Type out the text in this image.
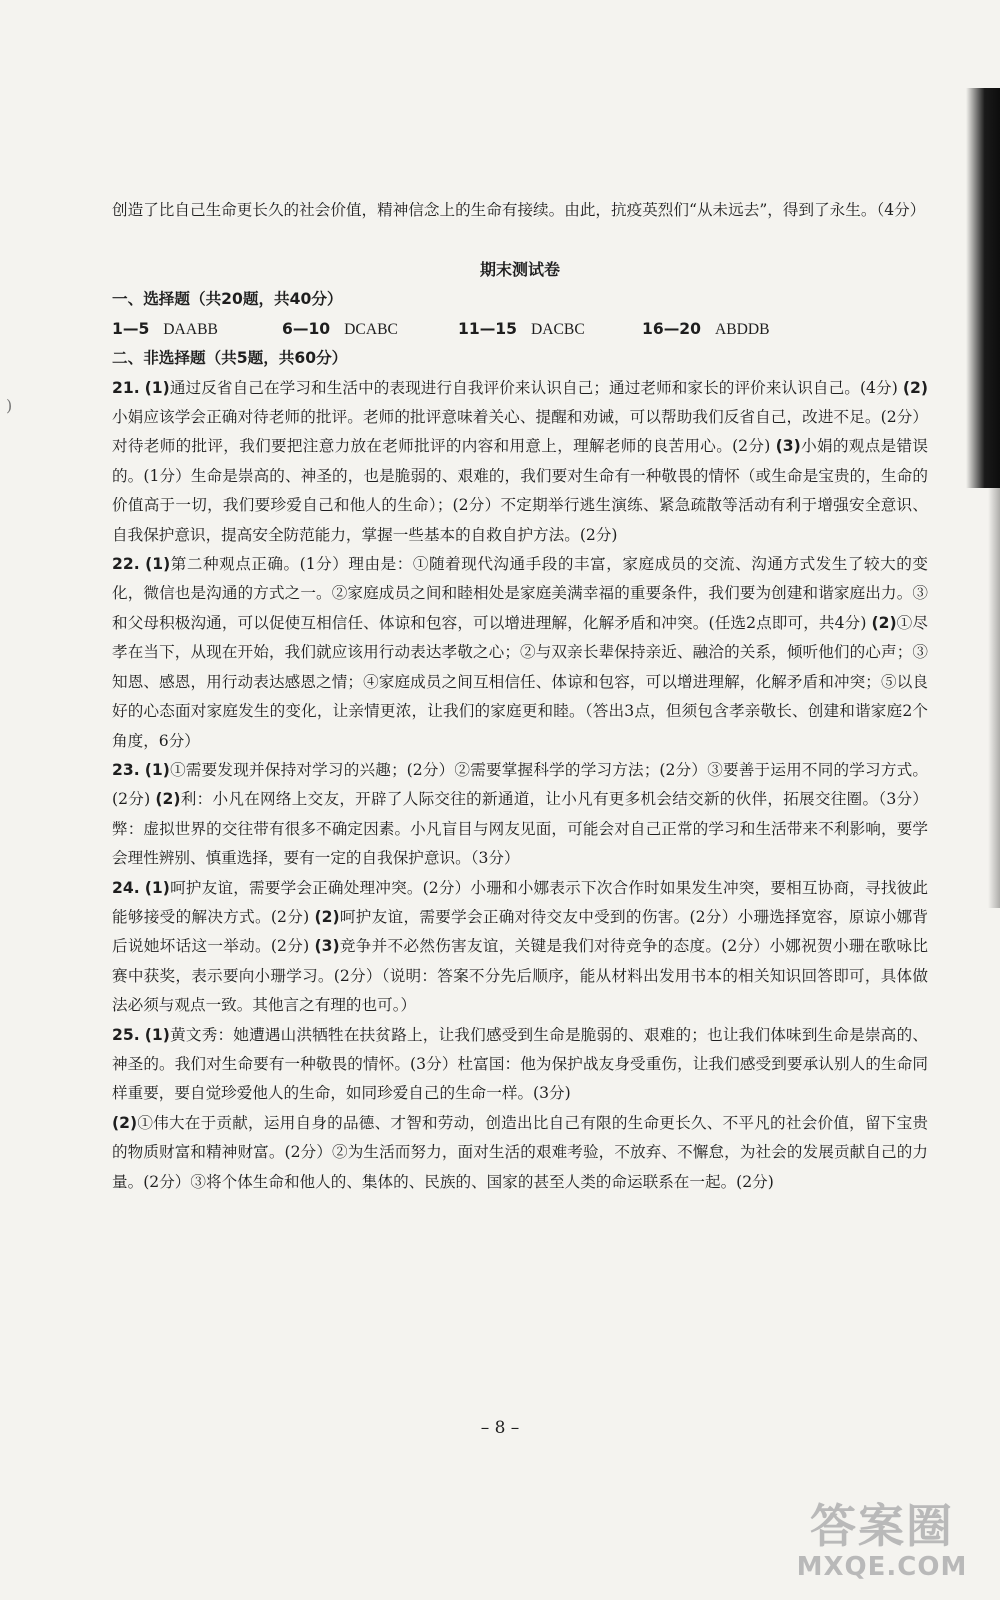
)

创造了比自己生命更长久的社会价值，精神信念上的生命有接续。由此，抗疫英烈们“从未远去”，得到了永生。（4分）

期末测试卷

一、选择题（共20题，共40分）

1—5 DAABB	6—10 DCABC	11—15 DACBC	16—20 ABDDB

二、非选择题（共5题，共60分）

21. (1)通过反省自己在学习和生活中的表现进行自我评价来认识自己；通过老师和家长的评价来认识自己。(4分) (2)小娟应该学会正确对待老师的批评。老师的批评意味着关心、提醒和劝诫，可以帮助我们反省自己，改进不足。(2分）对待老师的批评，我们要把注意力放在老师批评的内容和用意上，理解老师的良苦用心。(2分) (3)小娟的观点是错误的。(1分）生命是崇高的、神圣的，也是脆弱的、艰难的，我们要对生命有一种敬畏的情怀（或生命是宝贵的，生命的价值高于一切，我们要珍爱自己和他人的生命）；(2分）不定期举行逃生演练、紧急疏散等活动有利于增强安全意识、自我保护意识，提高安全防范能力，掌握一些基本的自救自护方法。(2分)

22. (1)第二种观点正确。(1分）理由是：①随着现代沟通手段的丰富，家庭成员的交流、沟通方式发生了较大的变化，微信也是沟通的方式之一。②家庭成员之间和睦相处是家庭美满幸福的重要条件，我们要为创建和谐家庭出力。③和父母积极沟通，可以促使互相信任、体谅和包容，可以增进理解，化解矛盾和冲突。(任选2点即可，共4分) (2)①尽孝在当下，从现在开始，我们就应该用行动表达孝敬之心；②与双亲长辈保持亲近、融洽的关系，倾听他们的心声；③知恩、感恩，用行动表达感恩之情；④家庭成员之间互相信任、体谅和包容，可以增进理解，化解矛盾和冲突；⑤以良好的心态面对家庭发生的变化，让亲情更浓，让我们的家庭更和睦。（答出3点，但须包含孝亲敬长、创建和谐家庭2个角度，6分）

23. (1)①需要发现并保持对学习的兴趣；(2分）②需要掌握科学的学习方法；(2分）③要善于运用不同的学习方式。(2分) (2)利：小凡在网络上交友，开辟了人际交往的新通道，让小凡有更多机会结交新的伙伴，拓展交往圈。（3分）弊：虚拟世界的交往带有很多不确定因素。小凡盲目与网友见面，可能会对自己正常的学习和生活带来不利影响，要学会理性辨别、慎重选择，要有一定的自我保护意识。（3分）

24. (1)呵护友谊，需要学会正确处理冲突。(2分）小珊和小娜表示下次合作时如果发生冲突，要相互协商，寻找彼此能够接受的解决方式。(2分) (2)呵护友谊，需要学会正确对待交友中受到的伤害。(2分）小珊选择宽容，原谅小娜背后说她坏话这一举动。(2分) (3)竞争并不必然伤害友谊，关键是我们对待竞争的态度。(2分）小娜祝贺小珊在歌咏比赛中获奖，表示要向小珊学习。(2分）（说明：答案不分先后顺序，能从材料出发用书本的相关知识回答即可，具体做法必须与观点一致。其他言之有理的也可。）

25. (1)黄文秀：她遭遇山洪牺牲在扶贫路上，让我们感受到生命是脆弱的、艰难的；也让我们体味到生命是崇高的、神圣的。我们对生命要有一种敬畏的情怀。(3分）杜富国：他为保护战友身受重伤，让我们感受到要承认别人的生命同样重要，要自觉珍爱他人的生命，如同珍爱自己的生命一样。(3分)
(2)①伟大在于贡献，运用自身的品德、才智和劳动，创造出比自己有限的生命更长久、不平凡的社会价值，留下宝贵的物质财富和精神财富。(2分）②为生活而努力，面对生活的艰难考验，不放弃、不懈怠，为社会的发展贡献自己的力量。(2分）③将个体生命和他人的、集体的、民族的、国家的甚至人类的命运联系在一起。(2分)

– 8 –
答案圈
MXQE.COM
